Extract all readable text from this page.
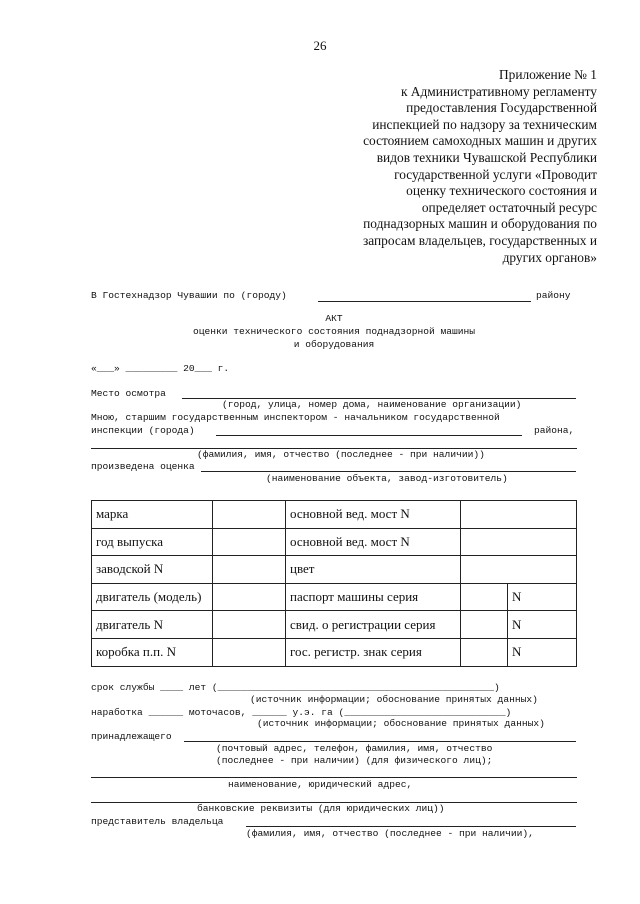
26
Приложение № 1
к Административному регламенту
предоставления Государственной
инспекцией по надзору за техническим
состоянием самоходных машин и других
видов техники Чувашской Республики
государственной услуги «Проводит
оценку технического состояния и
определяет остаточный ресурс
поднадзорных машин и оборудования по
запросам владельцев, государственных и
других органов»
В Гостехнадзор Чувашии по (городу)	району
АКТ
оценки технического состояния поднадзорной машины
и оборудования
«___» _________ 20___ г.
Место осмотра
(город, улица, номер дома, наименование организации)
Мною, старшим государственным инспектором - начальником государственной
инспекции (города)	района,
(фамилия, имя, отчество (последнее - при наличии))
произведена оценка
(наименование объекта, завод-изготовитель)
марка		основной вед. мост N		
год выпуска		основной вед. мост N		
заводской N		цвет		
двигатель (модель)		паспорт машины серия		N
двигатель N		свид. о регистрации серия		N
коробка п.п. N		гос. регистр. знак серия		N
срок службы ____ лет (________________________________________________)
(источник информации; обоснование принятых данных)
наработка ______ моточасов, ______ у.э. га (____________________________)
(источник информации; обоснование принятых данных)
принадлежащего
(почтовый адрес, телефон, фамилия, имя, отчество
(последнее - при наличии) (для физического лиц);
наименование, юридический адрес,
банковские реквизиты (для юридических лиц))
представитель владельца
(фамилия, имя, отчество (последнее - при наличии),
